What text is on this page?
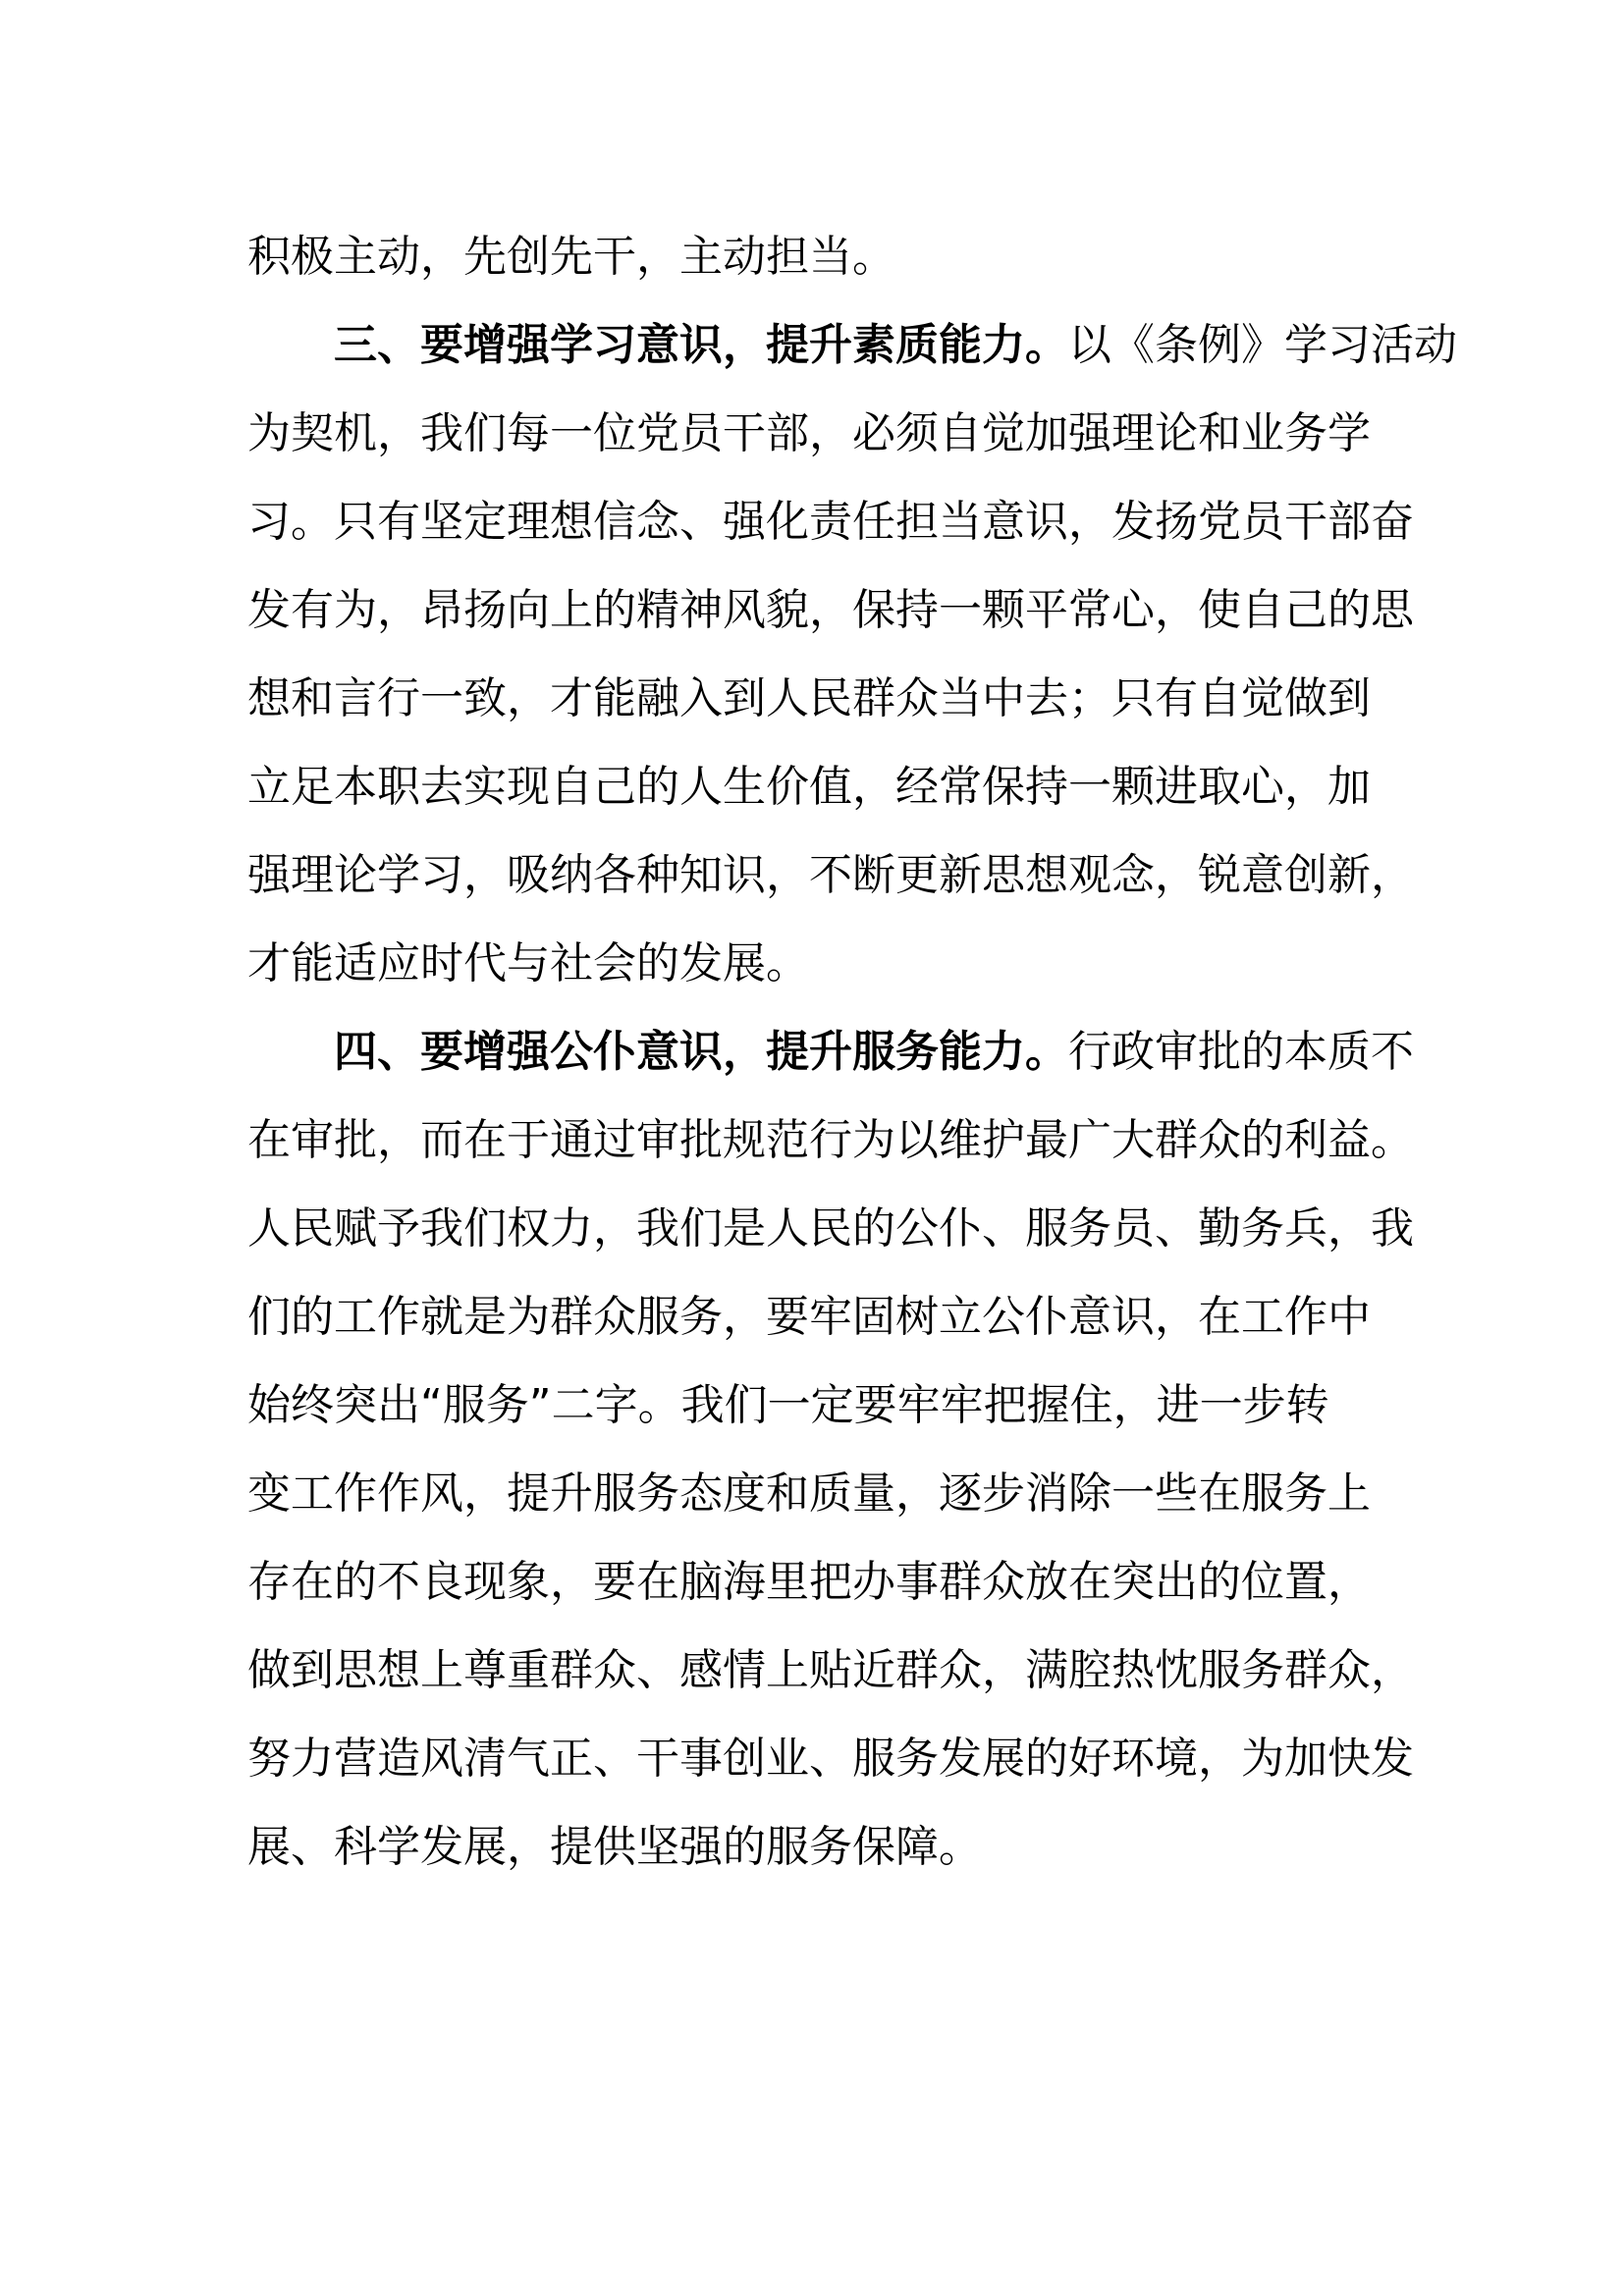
积极主动，先创先干，主动担当。
三、要增强学习意识，提升素质能力。以《条例》学习活动
为契机，我们每一位党员干部，必须自觉加强理论和业务学
习。只有坚定理想信念、强化责任担当意识，发扬党员干部奋
发有为，昂扬向上的精神风貌，保持一颗平常心，使自己的思
想和言行一致，才能融入到人民群众当中去；只有自觉做到
立足本职去实现自己的人生价值，经常保持一颗进取心，加
强理论学习，吸纳各种知识，不断更新思想观念，锐意创新，
才能适应时代与社会的发展。
四、要增强公仆意识，提升服务能力。行政审批的本质不
在审批，而在于通过审批规范行为以维护最广大群众的利益。
人民赋予我们权力，我们是人民的公仆、服务员、勤务兵，我
们的工作就是为群众服务，要牢固树立公仆意识，在工作中
始终突出“服务”二字。我们一定要牢牢把握住，进一步转
变工作作风，提升服务态度和质量，逐步消除一些在服务上
存在的不良现象，要在脑海里把办事群众放在突出的位置，
做到思想上尊重群众、感情上贴近群众，满腔热忱服务群众，
努力营造风清气正、干事创业、服务发展的好环境，为加快发
展、科学发展，提供坚强的服务保障。
